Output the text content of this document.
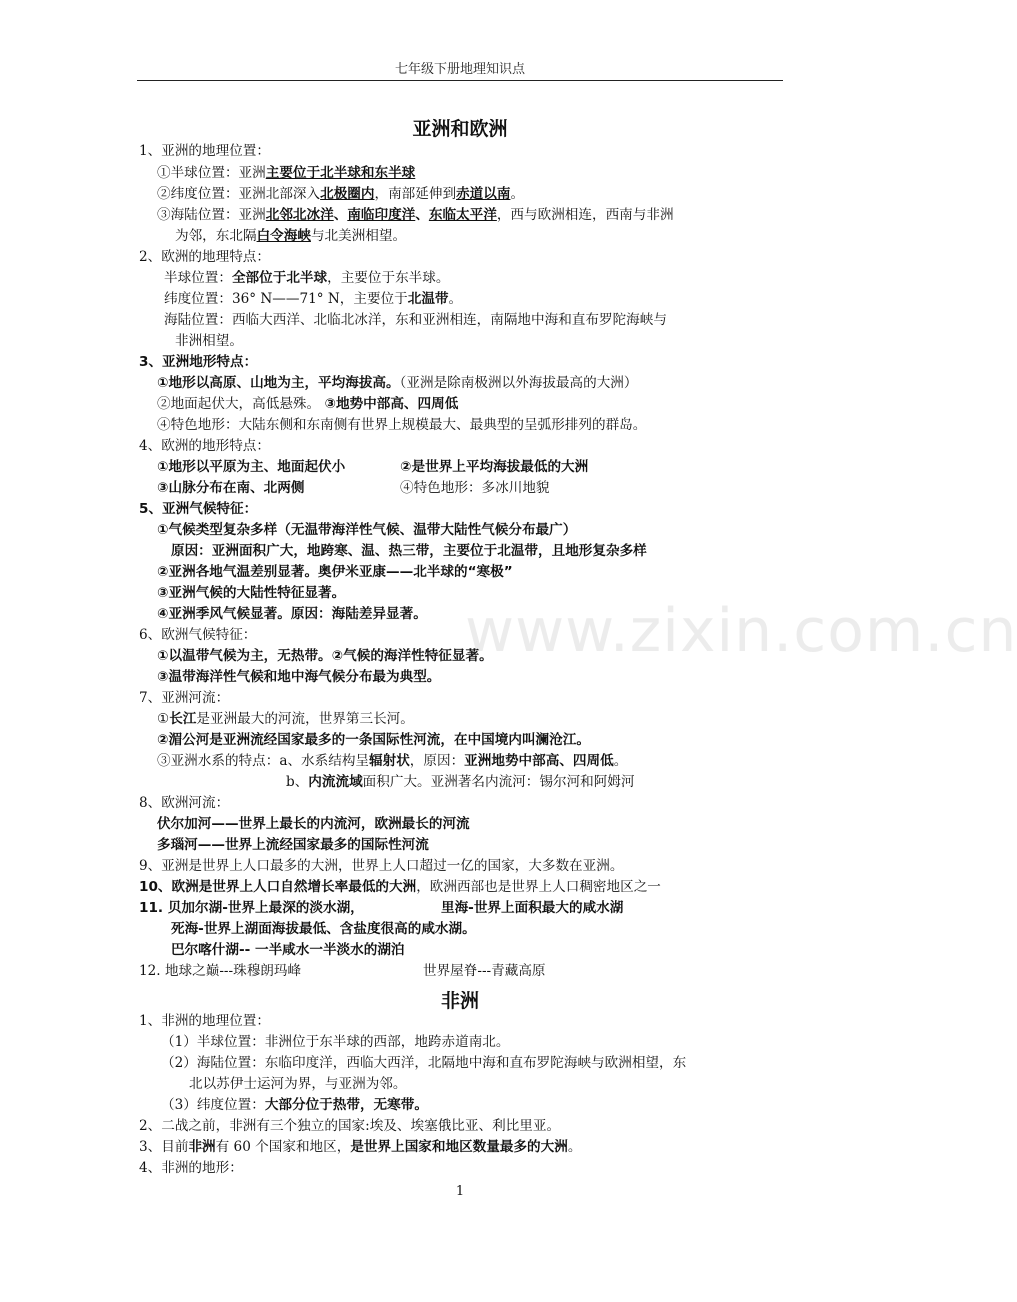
七年级下册地理知识点
www.zixin.com.cn
亚洲和欧洲
1、亚洲的地理位置：
①半球位置：亚洲主要位于北半球和东半球
②纬度位置：亚洲北部深入北极圈内，南部延伸到赤道以南。
③海陆位置：亚洲北邻北冰洋、南临印度洋、东临太平洋，西与欧洲相连，西南与非洲
为邻，东北隔白令海峡与北美洲相望。
2、欧洲的地理特点：
半球位置：全部位于北半球，主要位于东半球。
纬度位置：36° N——71° N，主要位于北温带。
海陆位置：西临大西洋、北临北冰洋，东和亚洲相连，南隔地中海和直布罗陀海峡与
非洲相望。
3、亚洲地形特点：
①地形以高原、山地为主，平均海拔高。（亚洲是除南极洲以外海拔最高的大洲）
②地面起伏大，高低悬殊。 ③地势中部高、四周低
④特色地形：大陆东侧和东南侧有世界上规模最大、最典型的呈弧形排列的群岛。
4、欧洲的地形特点：
①地形以平原为主、地面起伏小	②是世界上平均海拔最低的大洲
③山脉分布在南、北两侧	④特色地形：多冰川地貌
5、亚洲气候特征：
①气候类型复杂多样（无温带海洋性气候、温带大陆性气候分布最广）
原因：亚洲面积广大，地跨寒、温、热三带，主要位于北温带，且地形复杂多样
②亚洲各地气温差别显著。奥伊米亚康——北半球的“寒极”
③亚洲气候的大陆性特征显著。
④亚洲季风气候显著。原因：海陆差异显著。
6、欧洲气候特征：
①以温带气候为主，无热带。②气候的海洋性特征显著。
③温带海洋性气候和地中海气候分布最为典型。
7、亚洲河流：
①长江是亚洲最大的河流，世界第三长河。
②湄公河是亚洲流经国家最多的一条国际性河流，在中国境内叫澜沧江。
③亚洲水系的特点：a、水系结构呈辐射状，原因：亚洲地势中部高、四周低。
b、内流流域面积广大。亚洲著名内流河：锡尔河和阿姆河
8、欧洲河流：
伏尔加河——世界上最长的内流河，欧洲最长的河流
多瑙河——世界上流经国家最多的国际性河流
9、亚洲是世界上人口最多的大洲，世界上人口超过一亿的国家，大多数在亚洲。
10、欧洲是世界上人口自然增长率最低的大洲，欧洲西部也是世界上人口稠密地区之一
11. 贝加尔湖-世界上最深的淡水湖，	里海-世界上面积最大的咸水湖
死海-世界上湖面海拔最低、含盐度很高的咸水湖。
巴尔喀什湖-- 一半咸水一半淡水的湖泊
12. 地球之巅---珠穆朗玛峰	世界屋脊---青藏高原
非洲
1、非洲的地理位置：
（1）半球位置：非洲位于东半球的西部，地跨赤道南北。
（2）海陆位置：东临印度洋，西临大西洋，北隔地中海和直布罗陀海峡与欧洲相望，东
北以苏伊士运河为界，与亚洲为邻。
（3）纬度位置：大部分位于热带，无寒带。
2、二战之前，非洲有三个独立的国家:埃及、埃塞俄比亚、利比里亚。
3、目前非洲有 60 个国家和地区，是世界上国家和地区数量最多的大洲。
4、非洲的地形：
1
